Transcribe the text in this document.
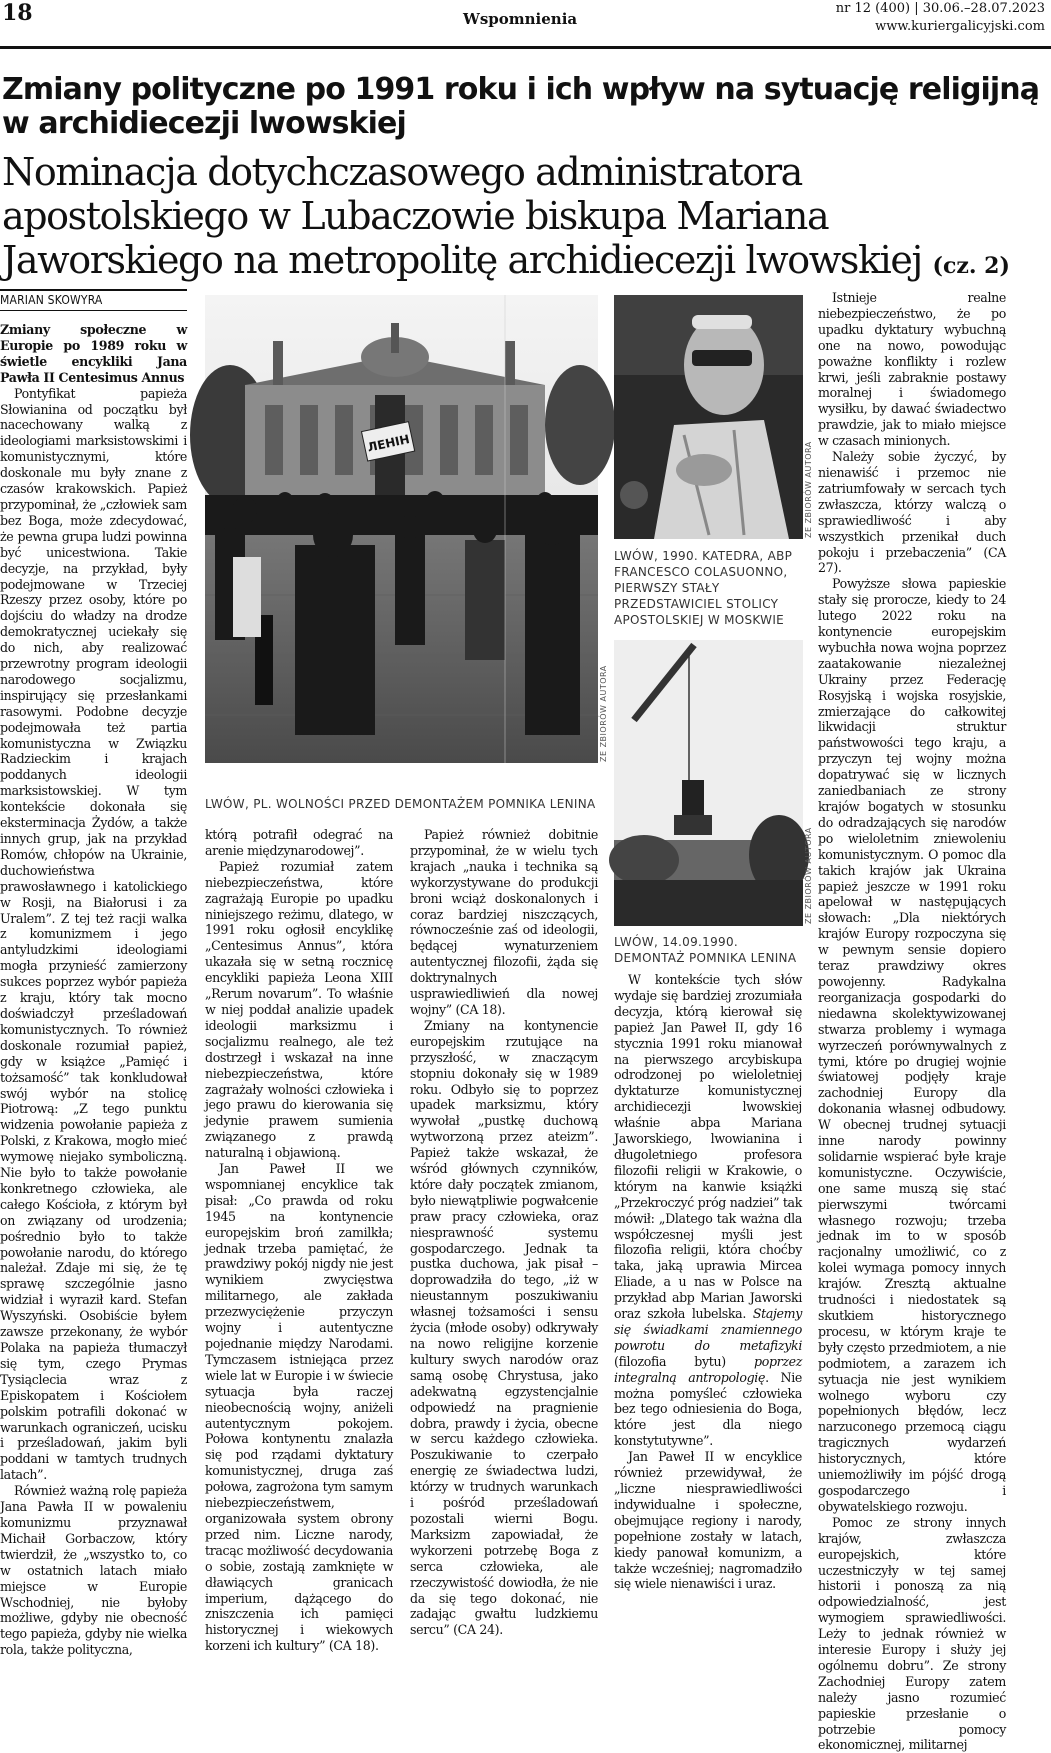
18	Wspomnienia
nr 12 (400) | 30.06.–28.07.2023
www.kuriergalicyjski.com
Zmiany polityczne po 1991 roku i ich wpływ na sytuację religijną w archidiecezji lwowskiej
Nominacja dotychczasowego administratora apostolskiego w Lubaczowie biskupa Mariana Jaworskiego na metropolitę archidiecezji lwowskiej (cz. 2)
MARIAN SKOWYRA

Zmiany społeczne w Europie po 1989 roku w świetle encykliki Jana Pawła II Centesimus Annus

Pontyfikat papieża Słowianina od początku był nacechowany walką z ideologiami marksistowskimi i komunistycznymi, które doskonale mu były znane z czasów krakowskich. Papież przypominał, że „człowiek sam bez Boga, może zdecydować, że pewna grupa ludzi powinna być unicestwiona. Takie decyzje, na przykład, były podejmowane w Trzeciej Rzeszy przez osoby, które po dojściu do władzy na drodze demokratycznej uciekały się do nich, aby realizować przewrotny program ideologii narodowego socjalizmu, inspirujący się przesłankami rasowymi. Podobne decyzje podejmowała też partia komunistyczna w Związku Radzieckim i krajach poddanych ideologii marksistowskiej. W tym kontekście dokonała się eksterminacja Żydów, a także innych grup, jak na przykład Romów, chłopów na Ukrainie, duchowieństwa prawosławnego i katolickiego w Rosji, na Białorusi i za Uralem”. Z tej też racji walka z komunizmem i jego antyludzkimi ideologiami mogła przynieść zamierzony sukces poprzez wybór papieża z kraju, który tak mocno doświadczył prześladowań komunistycznych. To również doskonale rozumiał papież, gdy w książce „Pamięć i tożsamość” tak konkludował swój wybór na stolicę Piotrową: „Z tego punktu widzenia powołanie papieża z Polski, z Krakowa, mogło mieć wymowę niejako symboliczną. Nie było to także powołanie konkretnego człowieka, ale całego Kościoła, z którym był on związany od urodzenia; pośrednio było to także powołanie narodu, do którego należał. Zdaje mi się, że tę sprawę szczególnie jasno widział i wyraził kard. Stefan Wyszyński. Osobiście byłem zawsze przekonany, że wybór Polaka na papieża tłumaczył się tym, czego Prymas Tysiąclecia wraz z Episkopatem i Kościołem polskim potrafili dokonać w warunkach ograniczeń, ucisku i prześladowań, jakim byli poddani w tamtych trudnych latach”.

Również ważną rolę papieża Jana Pawła II w powaleniu komunizmu przyznawał Michaił Gorbaczow, który twierdził, że „wszystko to, co w ostatnich latach miało miejsce w Europie Wschodniej, nie byłoby możliwe, gdyby nie obecność tego papieża, gdyby nie wielka rola, także polityczna,

ЛЕНІН
ZE ZBIORÓW AUTORA
LWÓW, PL. WOLNOŚCI PRZED DEMONTAŻEM POMNIKA LENINA
ZE ZBIORÓW AUTORA
LWÓW, 1990. KATEDRA, ABP FRANCESCO COLASUONNO, PIERWSZY STAŁY PRZEDSTAWICIEL STOLICY APOSTOLSKIEJ W MOSKWIE
ZE ZBIORÓW AUTORA
LWÓW, 14.09.1990. DEMONTAŻ POMNIKA LENINA

którą potrafił odegrać na arenie międzynarodowej”.

Papież rozumiał zatem niebezpieczeństwa, które zagrażają Europie po upadku niniejszego reżimu, dlatego, w 1991 roku ogłosił encyklikę „Centesimus Annus”, która ukazała się w setną rocznicę encykliki papieża Leona XIII „Rerum novarum”. To właśnie w niej poddał analizie upadek ideologii marksizmu i socjalizmu realnego, ale też dostrzegł i wskazał na inne niebezpieczeństwa, które zagrażały wolności człowieka i jego prawu do kierowania się jedynie prawem sumienia związanego z prawdą naturalną i objawioną.

Jan Paweł II we wspomnianej encyklice tak pisał: „Co prawda od roku 1945 na kontynencie europejskim broń zamilkła; jednak trzeba pamiętać, że prawdziwy pokój nigdy nie jest wynikiem zwycięstwa militarnego, ale zakłada przezwyciężenie przyczyn wojny i autentyczne pojednanie między Narodami. Tymczasem istniejąca przez wiele lat w Europie i w świecie sytuacja była raczej nieobecnością wojny, aniżeli autentycznym pokojem. Połowa kontynentu znalazła się pod rządami dyktatury komunistycznej, druga zaś połowa, zagrożona tym samym niebezpieczeństwem, organizowała system obrony przed nim. Liczne narody, tracąc możliwość decydowania o sobie, zostają zamknięte w dławiących granicach imperium, dążącego do zniszczenia ich pamięci historycznej i wiekowych korzeni ich kultury” (CA 18).

Papież również dobitnie przypominał, że w wielu tych krajach „nauka i technika są wykorzystywane do produkcji broni wciąż doskonalonych i coraz bardziej niszczących, równocześnie zaś od ideologii, będącej wynaturzeniem autentycznej filozofii, żąda się doktrynalnych usprawiedliwień dla nowej wojny” (CA 18).

Zmiany na kontynencie europejskim rzutujące na przyszłość, w znaczącym stopniu dokonały się w 1989 roku. Odbyło się to poprzez upadek marksizmu, który wywołał „pustkę duchową wytworzoną przez ateizm”. Papież także wskazał, że wśród głównych czynników, które dały początek zmianom, było niewątpliwie pogwałcenie praw pracy człowieka, oraz niesprawność systemu gospodarczego. Jednak ta pustka duchowa, jak pisał – doprowadziła do tego, „iż w nieustannym poszukiwaniu własnej tożsamości i sensu życia (młode osoby) odkrywały na nowo religijne korzenie kultury swych narodów oraz samą osobę Chrystusa, jako adekwatną egzystencjalnie odpowiedź na pragnienie dobra, prawdy i życia, obecne w sercu każdego człowieka. Poszukiwanie to czerpało energię ze świadectwa ludzi, którzy w trudnych warunkach i pośród prześladowań pozostali wierni Bogu. Marksizm zapowiadał, że wykorzeni potrzebę Boga z serca człowieka, ale rzeczywistość dowiodła, że nie da się tego dokonać, nie zadając gwałtu ludzkiemu sercu” (CA 24).

W kontekście tych słów wydaje się bardziej zrozumiała decyzja, którą kierował się papież Jan Paweł II, gdy 16 stycznia 1991 roku mianował na pierwszego arcybiskupa odrodzonej po wieloletniej dyktaturze komunistycznej archidiecezji lwowskiej właśnie abpa Mariana Jaworskiego, lwowianina i długoletniego profesora filozofii religii w Krakowie, o którym na kanwie książki „Przekroczyć próg nadziei” tak mówił: „Dlatego tak ważna dla współczesnej myśli jest filozofia religii, która choćby taka, jaką uprawia Mircea Eliade, a u nas w Polsce na przykład abp Marian Jaworski oraz szkoła lubelska. Stajemy się świadkami znamiennego powrotu do metafizyki (filozofia bytu) poprzez integralną antropologię. Nie można pomyśleć człowieka bez tego odniesienia do Boga, które jest dla niego konstytutywne”.

Jan Paweł II w encyklice również przewidywał, że „liczne niesprawiedliwości indywidualne i społeczne, obejmujące regiony i narody, popełnione zostały w latach, kiedy panował komunizm, a także wcześniej; nagromadziło się wiele nienawiści i uraz.

Istnieje realne niebezpieczeństwo, że po upadku dyktatury wybuchną one na nowo, powodując poważne konflikty i rozlew krwi, jeśli zabraknie postawy moralnej i świadomego wysiłku, by dawać świadectwo prawdzie, jak to miało miejsce w czasach minionych.

Należy sobie życzyć, by nienawiść i przemoc nie zatriumfowały w sercach tych zwłaszcza, którzy walczą o sprawiedliwość i aby wszystkich przenikał duch pokoju i przebaczenia” (CA 27).

Powyższe słowa papieskie stały się prorocze, kiedy to 24 lutego 2022 roku na kontynencie europejskim wybuchła nowa wojna poprzez zaatakowanie niezależnej Ukrainy przez Federację Rosyjską i wojska rosyjskie, zmierzające do całkowitej likwidacji struktur państwowości tego kraju, a przyczyn tej wojny można dopatrywać się w licznych zaniedbaniach ze strony krajów bogatych w stosunku do odradzających się narodów po wieloletnim zniewoleniu komunistycznym. O pomoc dla takich krajów jak Ukraina papież jeszcze w 1991 roku apelował w następujących słowach: „Dla niektórych krajów Europy rozpoczyna się w pewnym sensie dopiero teraz prawdziwy okres powojenny. Radykalna reorganizacja gospodarki do niedawna skolektywizowanej stwarza problemy i wymaga wyrzeczeń porównywalnych z tymi, które po drugiej wojnie światowej podjęły kraje zachodniej Europy dla dokonania własnej odbudowy. W obecnej trudnej sytuacji inne narody powinny solidarnie wspierać byłe kraje komunistyczne. Oczywiście, one same muszą się stać pierwszymi twórcami własnego rozwoju; trzeba jednak im to w sposób racjonalny umożliwić, co z kolei wymaga pomocy innych krajów. Zresztą aktualne trudności i niedostatek są skutkiem historycznego procesu, w którym kraje te były często przedmiotem, a nie podmiotem, a zarazem ich sytuacja nie jest wynikiem wolnego wyboru czy popełnionych błędów, lecz narzuconego przemocą ciągu tragicznych wydarzeń historycznych, które uniemożliwiły im pójść drogą gospodarczego i obywatelskiego rozwoju.

Pomoc ze strony innych krajów, zwłaszcza europejskich, które uczestniczyły w tej samej historii i ponoszą za nią odpowiedzialność, jest wymogiem sprawiedliwości. Leży to jednak również w interesie Europy i służy jej ogólnemu dobru”. Ze strony Zachodniej Europy zatem należy jasno rozumieć papieskie przesłanie o potrzebie pomocy ekonomicznej, militarnej
